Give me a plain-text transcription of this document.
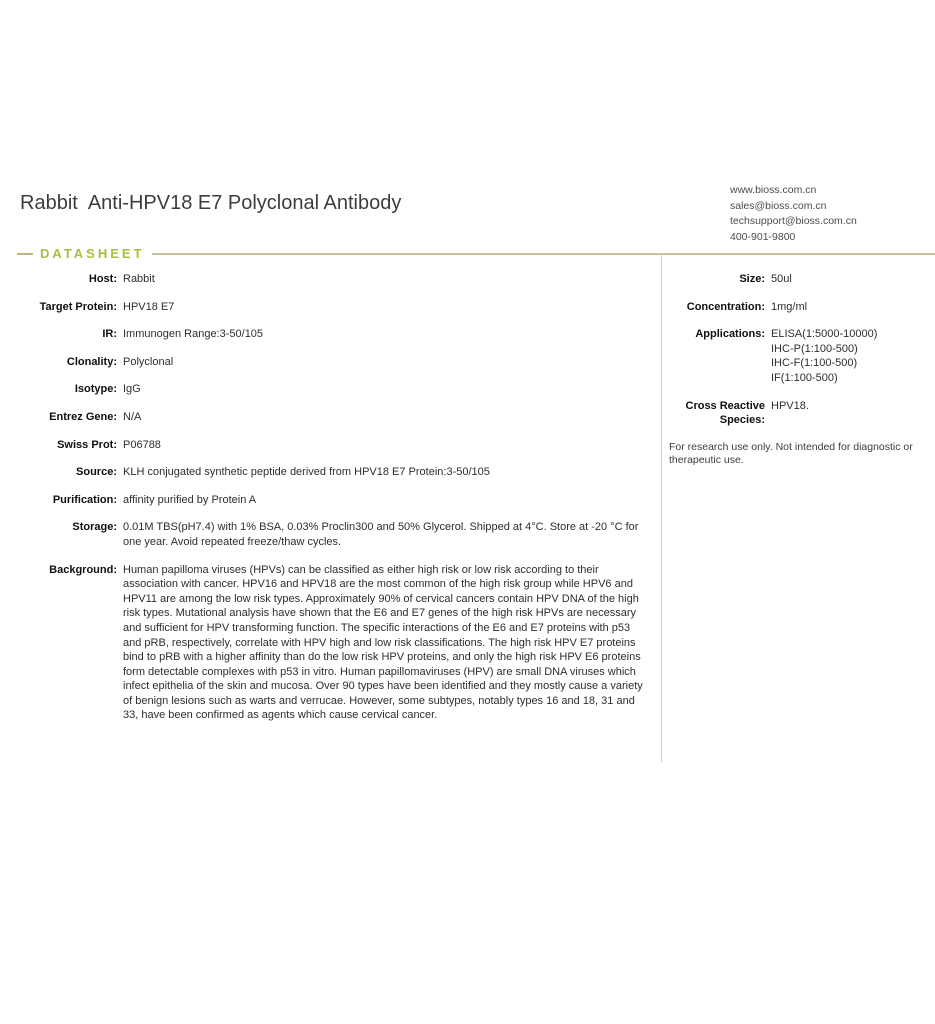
Rabbit  Anti-HPV18 E7 Polyclonal Antibody
www.bioss.com.cn
sales@bioss.com.cn
techsupport@bioss.com.cn
400-901-9800
DATASHEET
Host: Rabbit
Target Protein: HPV18 E7
IR: Immunogen Range:3-50/105
Clonality: Polyclonal
Isotype: IgG
Entrez Gene: N/A
Swiss Prot: P06788
Source: KLH conjugated synthetic peptide derived from HPV18 E7 Protein:3-50/105
Purification: affinity purified by Protein A
Storage: 0.01M TBS(pH7.4) with 1% BSA, 0.03% Proclin300 and 50% Glycerol. Shipped at 4°C. Store at -20 °C for one year. Avoid repeated freeze/thaw cycles.
Background: Human papilloma viruses (HPVs) can be classified as either high risk or low risk according to their association with cancer. HPV16 and HPV18 are the most common of the high risk group while HPV6 and HPV11 are among the low risk types. Approximately 90% of cervical cancers contain HPV DNA of the high risk types. Mutational analysis have shown that the E6 and E7 genes of the high risk HPVs are necessary and sufficient for HPV transforming function. The specific interactions of the E6 and E7 proteins with p53 and pRB, respectively, correlate with HPV high and low risk classifications. The high risk HPV E7 proteins bind to pRB with a higher affinity than do the low risk HPV proteins, and only the high risk HPV E6 proteins form detectable complexes with p53 in vitro. Human papillomaviruses (HPV) are small DNA viruses which infect epithelia of the skin and mucosa. Over 90 types have been identified and they mostly cause a variety of benign lesions such as warts and verrucae. However, some subtypes, notably types 16 and 18, 31 and 33, have been confirmed as agents which cause cervical cancer.
Size: 50ul
Concentration: 1mg/ml
Applications: ELISA(1:5000-10000)
IHC-P(1:100-500)
IHC-F(1:100-500)
IF(1:100-500)
Cross Reactive Species:
HPV18.
For research use only. Not intended for diagnostic or therapeutic use.
